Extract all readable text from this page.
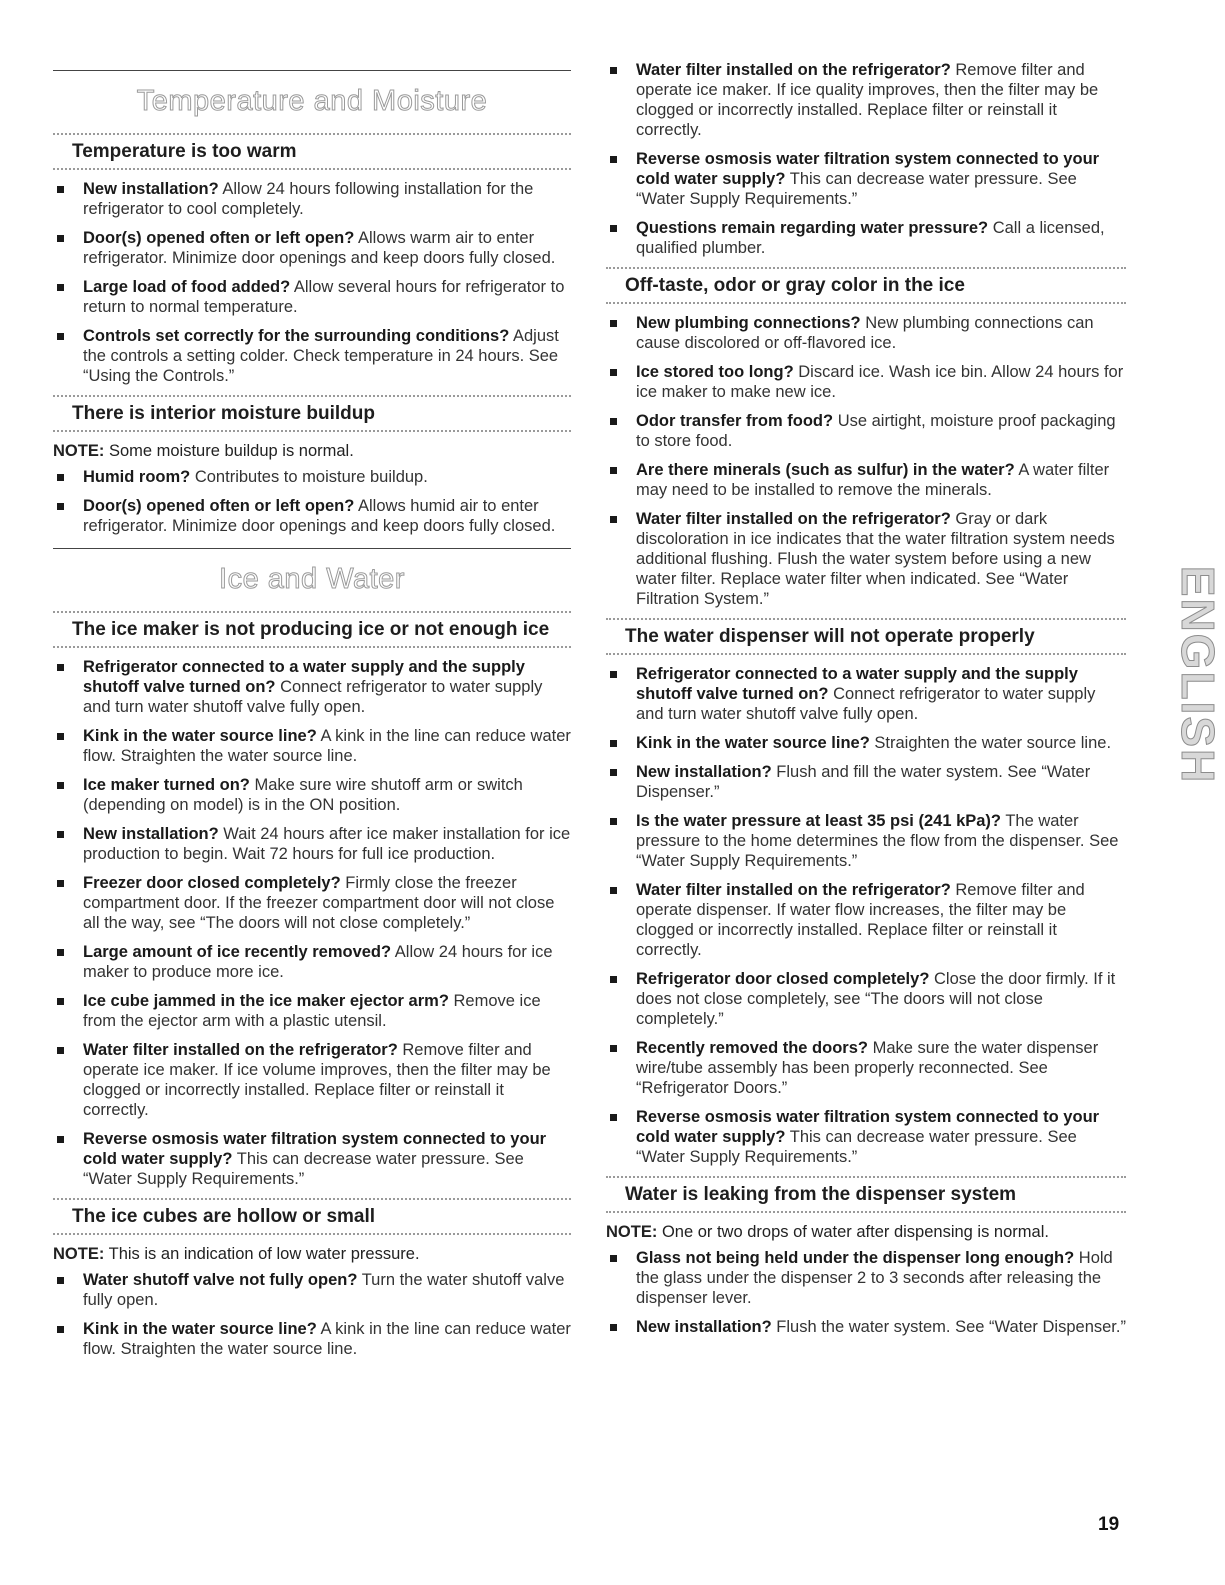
Temperature and Moisture
Temperature is too warm
New installation? Allow 24 hours following installation for the refrigerator to cool completely.
Door(s) opened often or left open? Allows warm air to enter refrigerator. Minimize door openings and keep doors fully closed.
Large load of food added? Allow several hours for refrigerator to return to normal temperature.
Controls set correctly for the surrounding conditions? Adjust the controls a setting colder. Check temperature in 24 hours. See “Using the Controls.”
There is interior moisture buildup
NOTE: Some moisture buildup is normal.
Humid room? Contributes to moisture buildup.
Door(s) opened often or left open? Allows humid air to enter refrigerator. Minimize door openings and keep doors fully closed.
Ice and Water
The ice maker is not producing ice or not enough ice
Refrigerator connected to a water supply and the supply shutoff valve turned on? Connect refrigerator to water supply and turn water shutoff valve fully open.
Kink in the water source line? A kink in the line can reduce water flow. Straighten the water source line.
Ice maker turned on? Make sure wire shutoff arm or switch (depending on model) is in the ON position.
New installation? Wait 24 hours after ice maker installation for ice production to begin. Wait 72 hours for full ice production.
Freezer door closed completely? Firmly close the freezer compartment door. If the freezer compartment door will not close all the way, see “The doors will not close completely.”
Large amount of ice recently removed? Allow 24 hours for ice maker to produce more ice.
Ice cube jammed in the ice maker ejector arm? Remove ice from the ejector arm with a plastic utensil.
Water filter installed on the refrigerator? Remove filter and operate ice maker. If ice volume improves, then the filter may be clogged or incorrectly installed. Replace filter or reinstall it correctly.
Reverse osmosis water filtration system connected to your cold water supply? This can decrease water pressure. See “Water Supply Requirements.”
The ice cubes are hollow or small
NOTE: This is an indication of low water pressure.
Water shutoff valve not fully open? Turn the water shutoff valve fully open.
Kink in the water source line? A kink in the line can reduce water flow. Straighten the water source line.
Water filter installed on the refrigerator? Remove filter and operate ice maker. If ice quality improves, then the filter may be clogged or incorrectly installed. Replace filter or reinstall it correctly.
Reverse osmosis water filtration system connected to your cold water supply? This can decrease water pressure. See “Water Supply Requirements.”
Questions remain regarding water pressure? Call a licensed, qualified plumber.
Off-taste, odor or gray color in the ice
New plumbing connections? New plumbing connections can cause discolored or off-flavored ice.
Ice stored too long? Discard ice. Wash ice bin. Allow 24 hours for ice maker to make new ice.
Odor transfer from food? Use airtight, moisture proof packaging to store food.
Are there minerals (such as sulfur) in the water? A water filter may need to be installed to remove the minerals.
Water filter installed on the refrigerator? Gray or dark discoloration in ice indicates that the water filtration system needs additional flushing. Flush the water system before using a new water filter. Replace water filter when indicated. See “Water Filtration System.”
The water dispenser will not operate properly
Refrigerator connected to a water supply and the supply shutoff valve turned on? Connect refrigerator to water supply and turn water shutoff valve fully open.
Kink in the water source line? Straighten the water source line.
New installation? Flush and fill the water system. See “Water Dispenser.”
Is the water pressure at least 35 psi (241 kPa)? The water pressure to the home determines the flow from the dispenser. See “Water Supply Requirements.”
Water filter installed on the refrigerator? Remove filter and operate dispenser. If water flow increases, the filter may be clogged or incorrectly installed. Replace filter or reinstall it correctly.
Refrigerator door closed completely? Close the door firmly. If it does not close completely, see “The doors will not close completely.”
Recently removed the doors? Make sure the water dispenser wire/tube assembly has been properly reconnected. See “Refrigerator Doors.”
Reverse osmosis water filtration system connected to your cold water supply? This can decrease water pressure. See “Water Supply Requirements.”
Water is leaking from the dispenser system
NOTE: One or two drops of water after dispensing is normal.
Glass not being held under the dispenser long enough? Hold the glass under the dispenser 2 to 3 seconds after releasing the dispenser lever.
New installation? Flush the water system. See “Water Dispenser.”
ENGLISH
19
